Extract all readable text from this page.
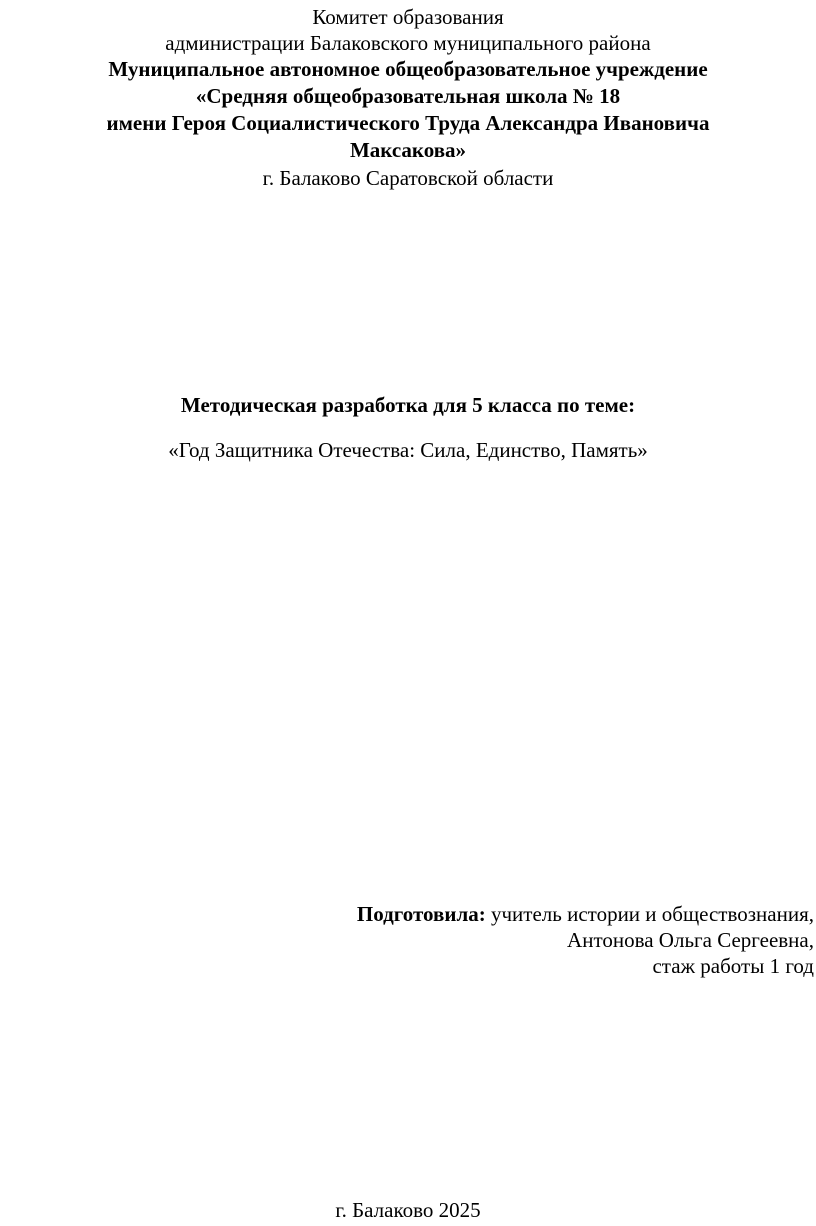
Комитет образования
администрации Балаковского муниципального района
Муниципальное автономное общеобразовательное учреждение
«Средняя общеобразовательная школа № 18
имени Героя Социалистического Труда Александра Ивановича
Максакова»
г. Балаково Саратовской области
Методическая разработка для 5 класса по теме:
«Год Защитника Отечества: Сила, Единство, Память»
Подготовила: учитель истории и обществознания,
Антонова Ольга Сергеевна,
стаж работы 1 год
г. Балаково 2025
